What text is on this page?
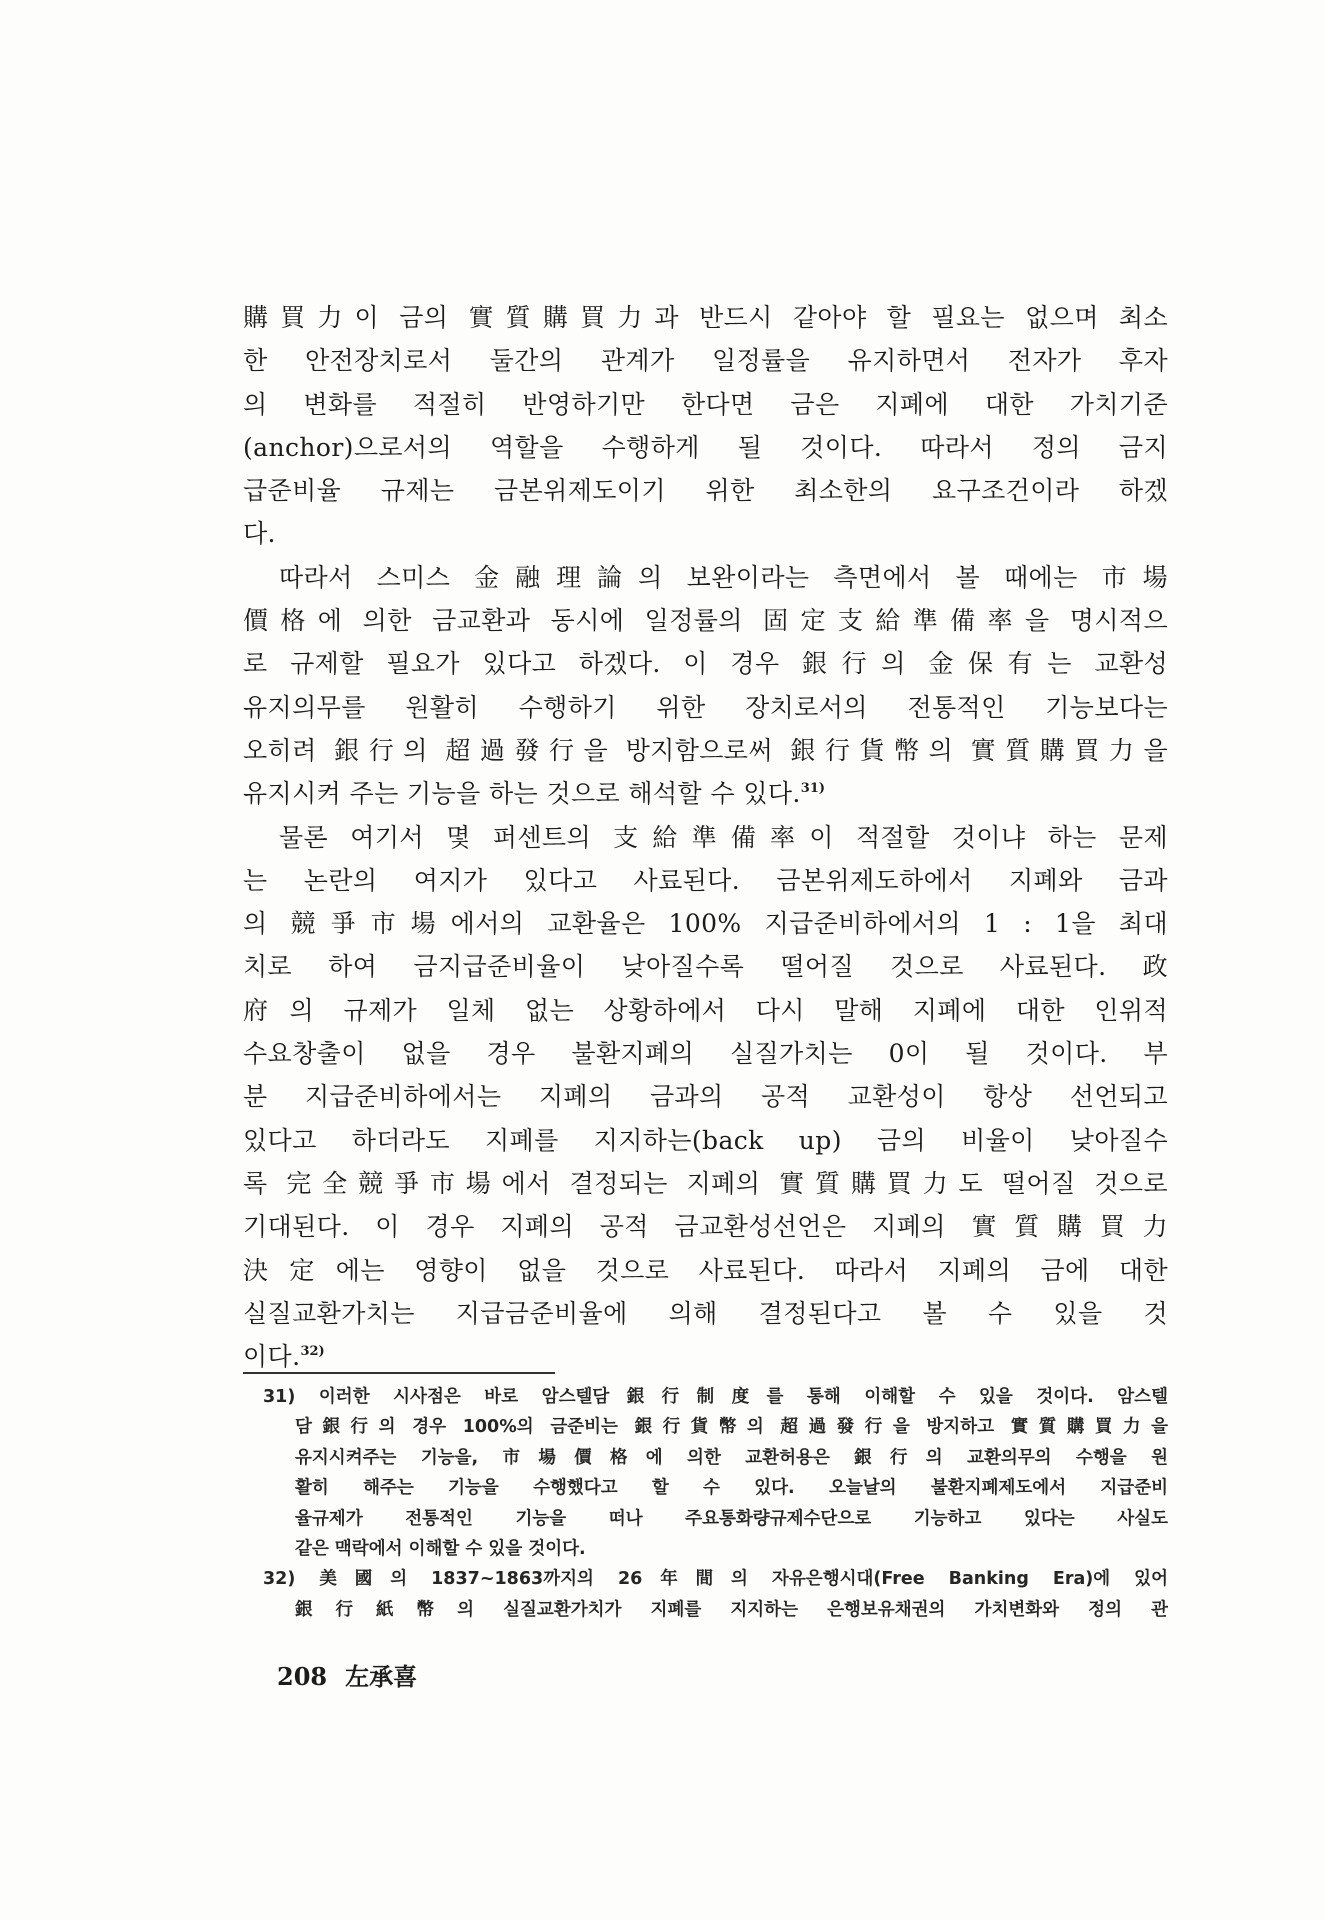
購買力이 금의 實質購買力과 반드시 같아야 할 필요는 없으며 최소
한 안전장치로서 둘간의 관계가 일정률을 유지하면서 전자가 후자
의 변화를 적절히 반영하기만 한다면 금은 지폐에 대한 가치기준
(anchor)으로서의 역할을 수행하게 될 것이다. 따라서 정의 금지
급준비율 규제는 금본위제도이기 위한 최소한의 요구조건이라 하겠
다.
따라서 스미스 金融理論의 보완이라는 측면에서 볼 때에는 市場
價格에 의한 금교환과 동시에 일정률의 固定支給準備率을 명시적으
로 규제할 필요가 있다고 하겠다. 이 경우 銀行의 金保有는 교환성
유지의무를 원활히 수행하기 위한 장치로서의 전통적인 기능보다는
오히려 銀行의 超過發行을 방지함으로써 銀行貨幣의 實質購買力을
유지시켜 주는 기능을 하는 것으로 해석할 수 있다.$^{31)}$
물론 여기서 몇 퍼센트의 支給準備率이 적절할 것이냐 하는 문제
는 논란의 여지가 있다고 사료된다. 금본위제도하에서 지폐와 금과
의 競爭市場에서의 교환율은 100% 지급준비하에서의 1 : 1을 최대
치로 하여 금지급준비율이 낮아질수록 떨어질 것으로 사료된다. 政
府의 규제가 일체 없는 상황하에서 다시 말해 지폐에 대한 인위적
수요창출이 없을 경우 불환지폐의 실질가치는 0이 될 것이다. 부
분 지급준비하에서는 지폐의 금과의 공적 교환성이 항상 선언되고
있다고 하더라도 지폐를 지지하는(back up) 금의 비율이 낮아질수
록 完全競爭市場에서 결정되는 지폐의 實質購買力도 떨어질 것으로
기대된다. 이 경우 지폐의 공적 금교환성선언은 지폐의 實質購買力
決定에는 영향이 없을 것으로 사료된다. 따라서 지폐의 금에 대한
실질교환가치는 지급금준비율에 의해 결정된다고 볼 수 있을 것
이다.$^{32)}$
31) 이러한 시사점은 바로 암스텔담銀行制度를 통해 이해할 수 있을 것이다. 암스텔
담銀行의 경우 100%의 금준비는 銀行貨幣의 超過發行을 방지하고 實質購買力을
유지시켜주는 기능을, 市場價格에 의한 교환허용은 銀行의 교환의무의 수행을 원
활히 해주는 기능을 수행했다고 할 수 있다. 오늘날의 불환지폐제도에서 지급준비
율규제가 전통적인 기능을 떠나 주요통화량규제수단으로 기능하고 있다는 사실도
같은 맥락에서 이해할 수 있을 것이다.
32) 美國의 1837~1863까지의 26年間의 자유은행시대(Free Banking Era)에 있어
銀行紙幣의 실질교환가치가 지폐를 지지하는 은행보유채권의 가치변화와 정의 관
208 左承喜
